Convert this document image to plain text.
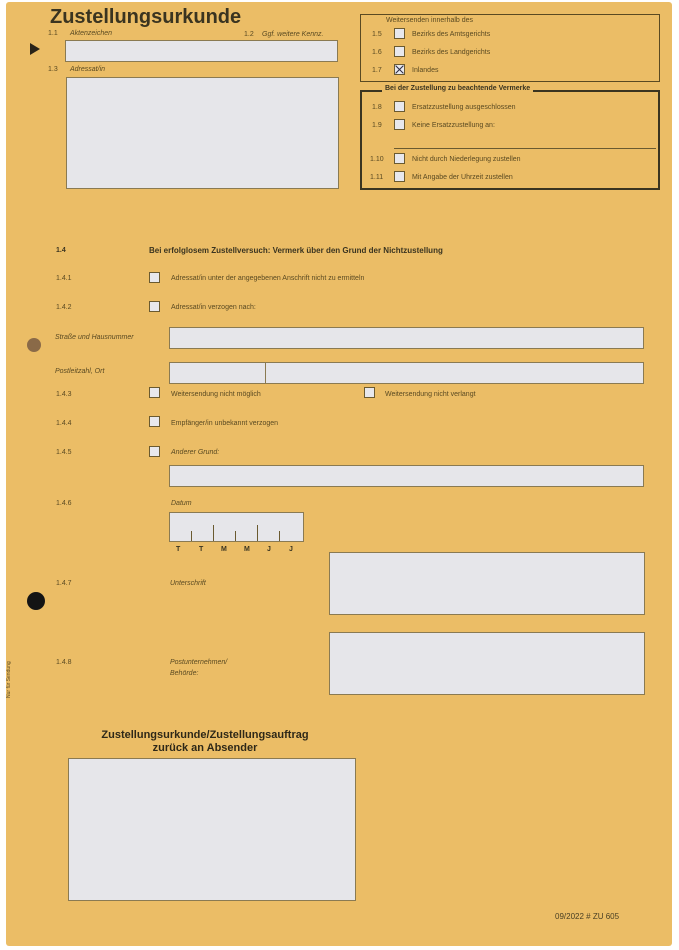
Zustellungsurkunde
1.1 Aktenzeichen	1.2 Ggf. weitere Kennz.
1.3 Adressat/in
Weitersenden innerhalb des
1.5	Bezirks des Amtsgerichts
1.6	Bezirks des Landgerichts
1.7	Inlandes
Bei der Zustellung zu beachtende Vermerke
1.8	Ersatzzustellung ausgeschlossen
1.9	Keine Ersatzzustellung an:
1.10	Nicht durch Niederlegung zustellen
1.11	Mit Angabe der Uhrzeit zustellen
1.4	Bei erfolglosem Zustellversuch: Vermerk über den Grund der Nichtzustellung
1.4.1	Adressat/in unter der angegebenen Anschrift nicht zu ermitteln
1.4.2	Adressat/in verzogen nach:
Straße und Hausnummer
Postleitzahl, Ort
1.4.3	Weitersendung nicht möglich	Weitersendung nicht verlangt
1.4.4	Empfänger/in unbekannt verzogen
1.4.5	Anderer Grund:
1.4.6	Datum
T	T	M M J	J
1.4.7	Unterschrift
Nur für Sendung	1.4.8	Postunternehmen/
Behörde:
Zustellungsurkunde/Zustellungsauftrag
zurück an Absender
09/2022 # ZU 605
